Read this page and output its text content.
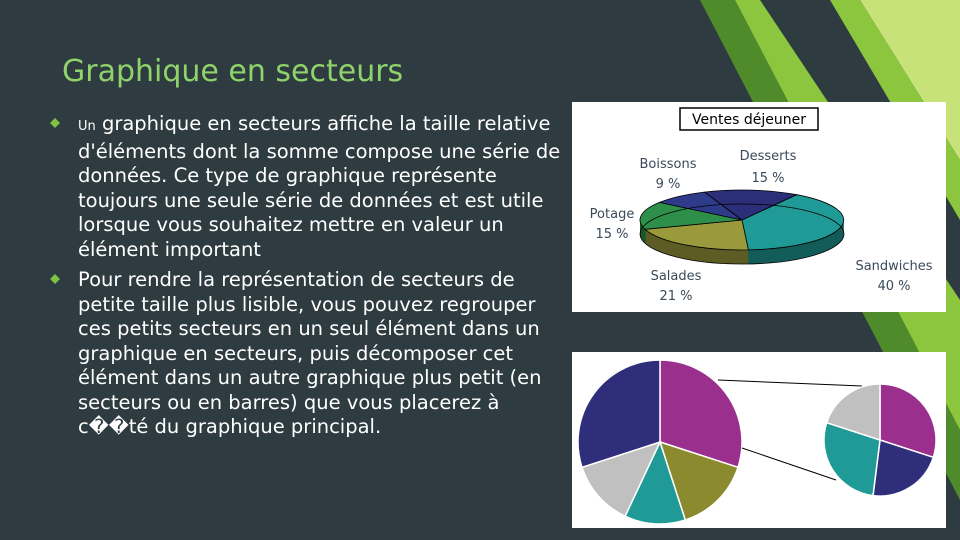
Graphique en secteurs
Un graphique en secteurs affiche la taille relative d'éléments dont la somme compose une série de données. Ce type de graphique représente toujours une seule série de données et est utile lorsque vous souhaitez mettre en valeur un élément important
Pour rendre la représentation de secteurs de petite taille plus lisible, vous pouvez regrouper ces petits secteurs en un seul élément dans un graphique en secteurs, puis décomposer cet élément dans un autre graphique plus petit (en secteurs ou en barres) que vous placerez à c��té du graphique principal.
Ventes déjeuner
Desserts
15 %
Sandwiches
40 %
Salades
21 %
Potage
15 %
Boissons
9 %
